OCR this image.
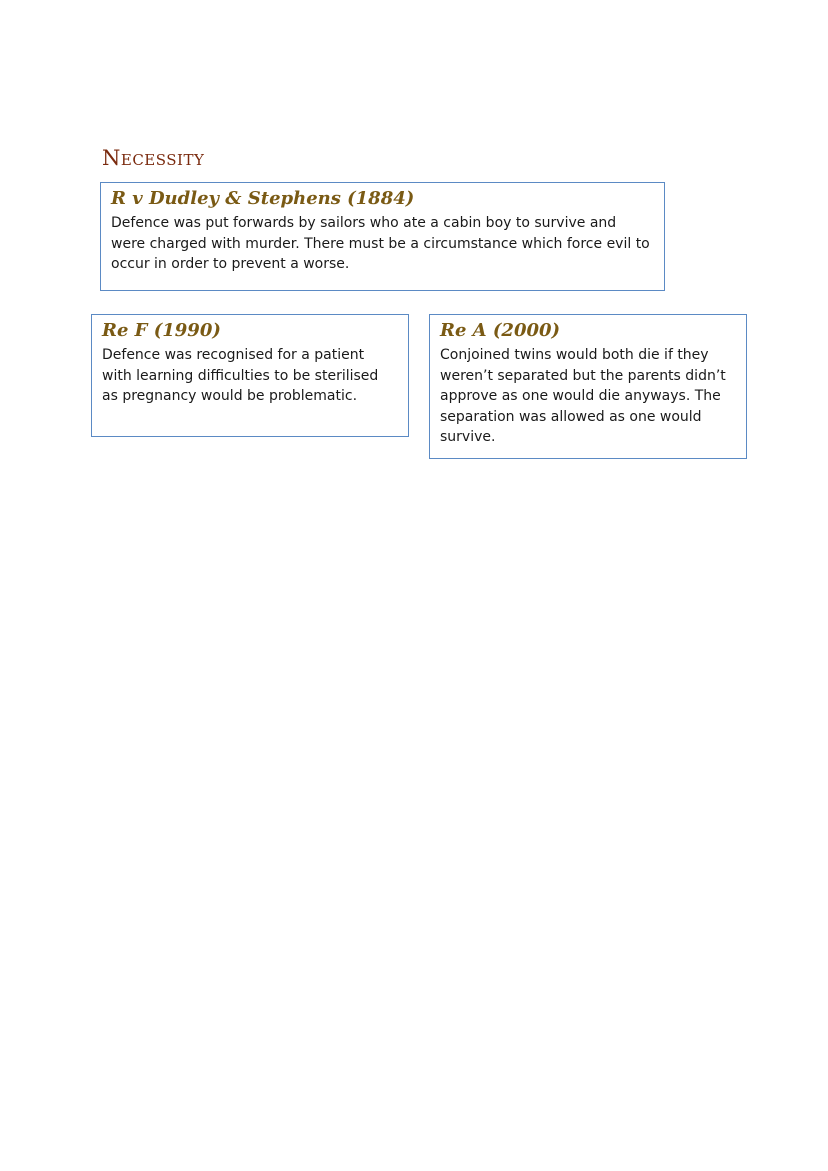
Necessity

R v Dudley & Stephens (1884)

Defence was put forwards by sailors who ate a cabin boy to survive and were charged with murder. There must be a circumstance which force evil to occur in order to prevent a worse.

Re F (1990)

Defence was recognised for a patient with learning difficulties to be sterilised as pregnancy would be problematic.

Re A (2000)

Conjoined twins would both die if they weren’t separated but the parents didn’t approve as one would die anyways. The separation was allowed as one would survive.
